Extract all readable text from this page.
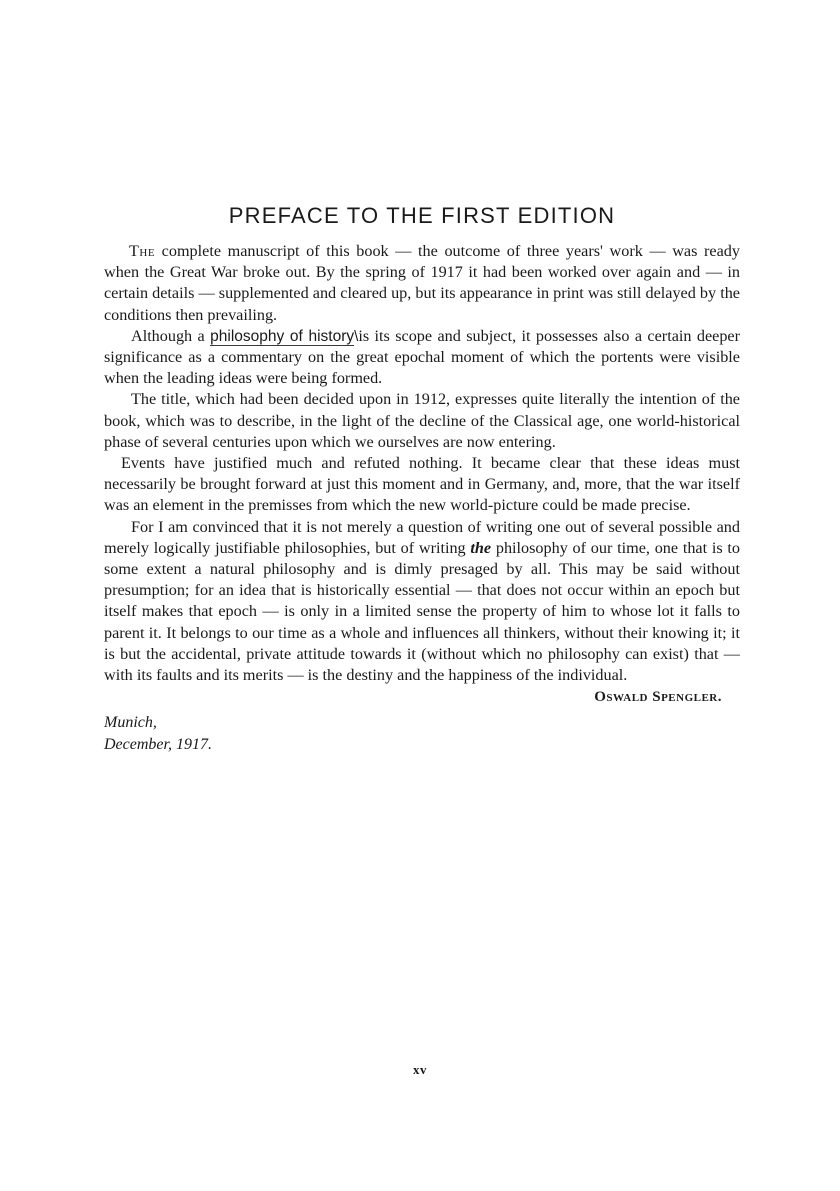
PREFACE TO THE FIRST EDITION

The complete manuscript of this book — the outcome of three years' work — was ready when the Great War broke out. By the spring of 1917 it had been worked over again and — in certain details — supplemented and cleared up, but its appearance in print was still delayed by the conditions then prevailing.

Although a philosophy of history\is its scope and subject, it possesses also a certain deeper significance as a commentary on the great epochal moment of which the portents were visible when the leading ideas were being formed.

The title, which had been decided upon in 1912, expresses quite literally the intention of the book, which was to describe, in the light of the decline of the Classical age, one world-historical phase of several centuries upon which we ourselves are now entering.

Events have justified much and refuted nothing. It became clear that these ideas must necessarily be brought forward at just this moment and in Germany, and, more, that the war itself was an element in the premisses from which the new world-picture could be made precise.

For I am convinced that it is not merely a question of writing one out of several possible and merely logically justifiable philosophies, but of writing the philosophy of our time, one that is to some extent a natural philosophy and is dimly presaged by all. This may be said without presumption; for an idea that is historically essential — that does not occur within an epoch but itself makes that epoch — is only in a limited sense the property of him to whose lot it falls to parent it. It belongs to our time as a whole and influences all thinkers, without their knowing it; it is but the accidental, private attitude towards it (without which no philosophy can exist) that — with its faults and its merits — is the destiny and the happiness of the individual.

Oswald Spengler.
Munich,
December, 1917.
xv
